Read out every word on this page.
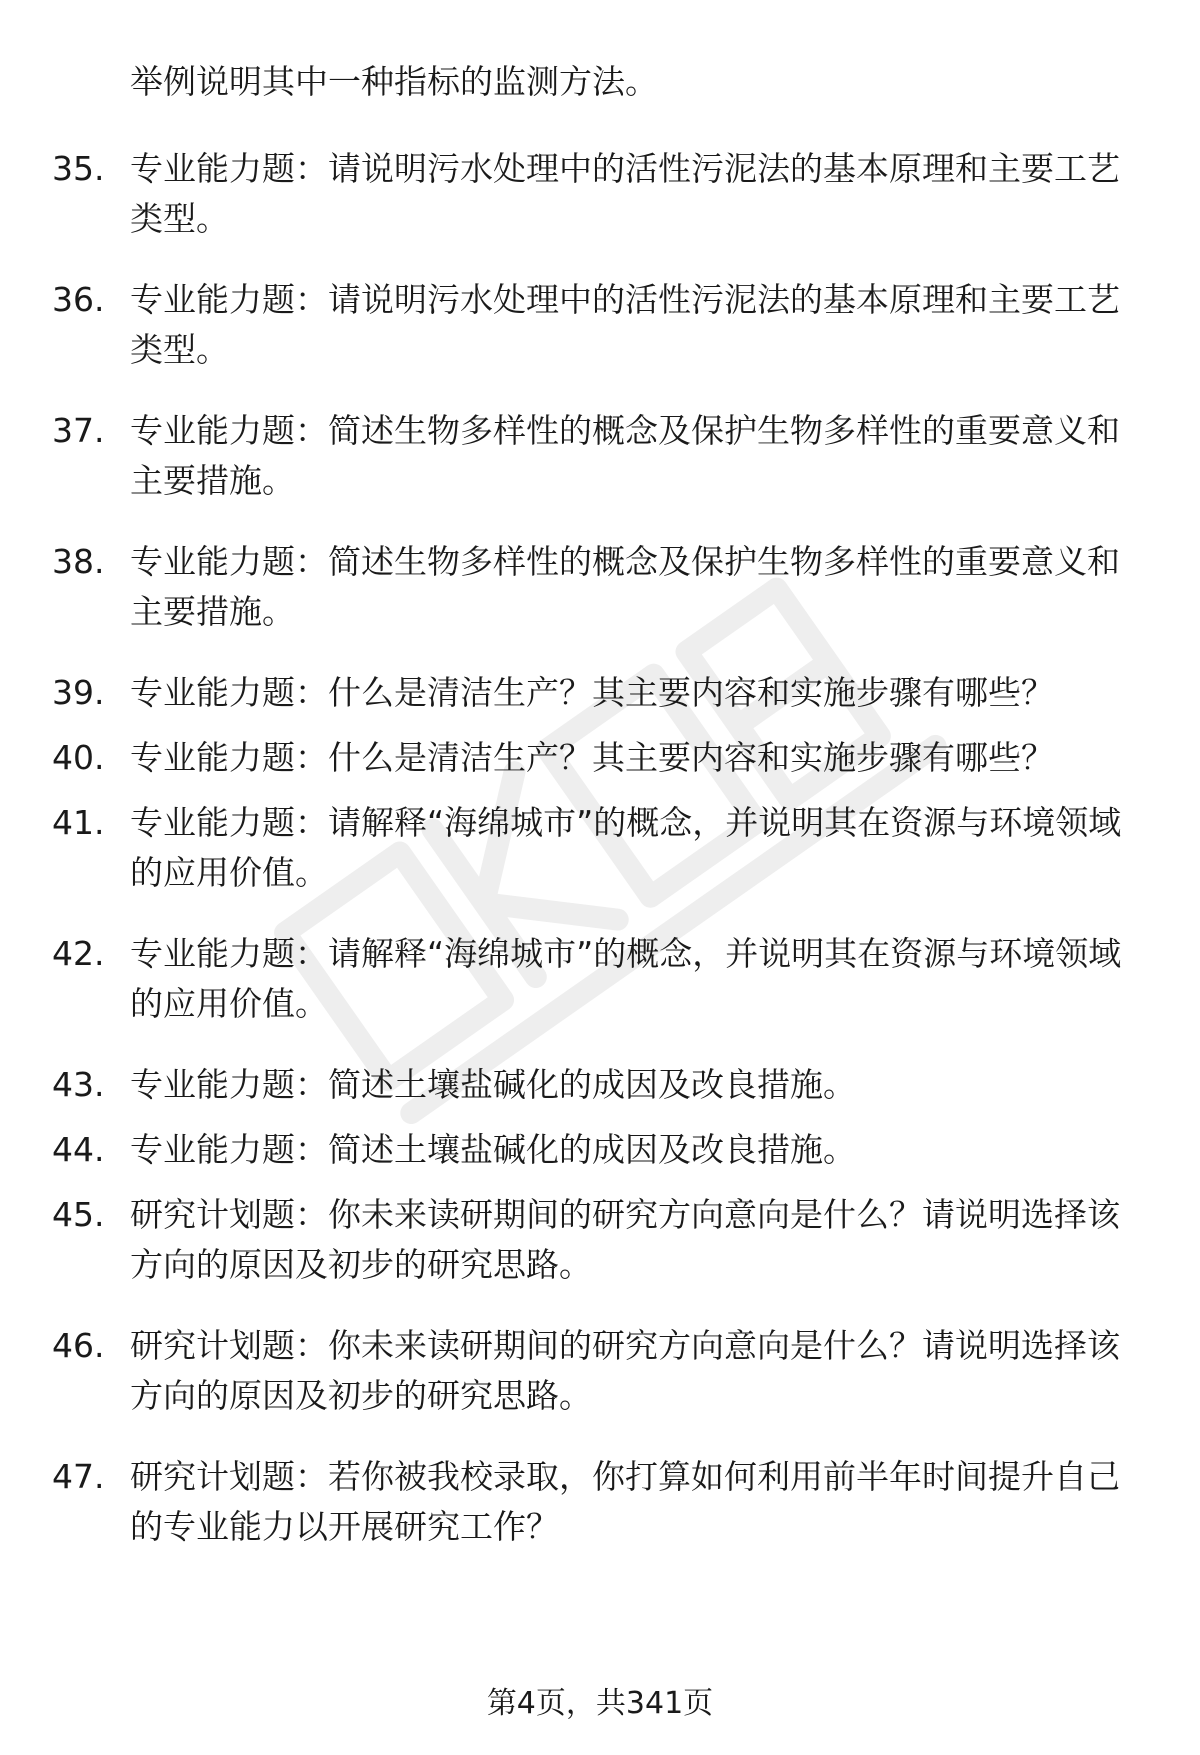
举例说明其中一种指标的监测方法。
35. 专业能力题：请说明污水处理中的活性污泥法的基本原理和主要工艺类型。
36. 专业能力题：请说明污水处理中的活性污泥法的基本原理和主要工艺类型。
37. 专业能力题：简述生物多样性的概念及保护生物多样性的重要意义和主要措施。
38. 专业能力题：简述生物多样性的概念及保护生物多样性的重要意义和主要措施。
39. 专业能力题：什么是清洁生产？其主要内容和实施步骤有哪些？
40. 专业能力题：什么是清洁生产？其主要内容和实施步骤有哪些？
41. 专业能力题：请解释“海绵城市”的概念，并说明其在资源与环境领域的应用价值。
42. 专业能力题：请解释“海绵城市”的概念，并说明其在资源与环境领域的应用价值。
43. 专业能力题：简述土壤盐碱化的成因及改良措施。
44. 专业能力题：简述土壤盐碱化的成因及改良措施。
45. 研究计划题：你未来读研期间的研究方向意向是什么？请说明选择该方向的原因及初步的研究思路。
46. 研究计划题：你未来读研期间的研究方向意向是什么？请说明选择该方向的原因及初步的研究思路。
47. 研究计划题：若你被我校录取，你打算如何利用前半年时间提升自己的专业能力以开展研究工作？
第4页，共341页
